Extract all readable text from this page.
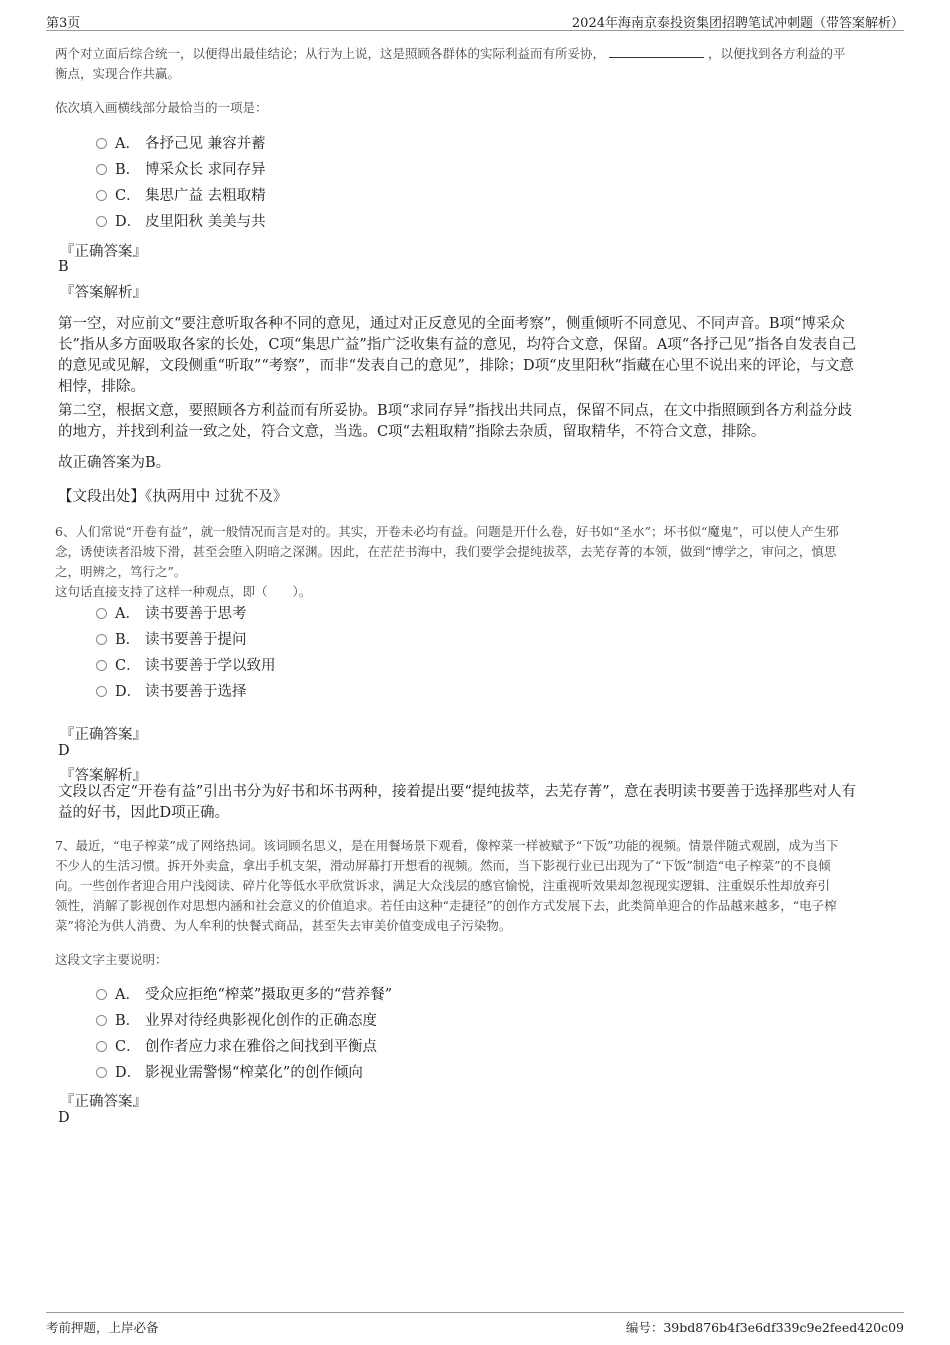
第3页	2024年海南京泰投资集团招聘笔试冲刺题（带答案解析）
两个对立面后综合统一，以便得出最佳结论；从行为上说，这是照顾各群体的实际利益而有所妥协，	，以便找到各方利益的平
衡点，实现合作共赢。
依次填入画横线部分最恰当的一项是：
A． 各抒己见 兼容并蓄
B． 博采众长 求同存异
C． 集思广益 去粗取精
D． 皮里阳秋 美美与共
『正确答案』
B
『答案解析』
第一空，对应前文“要注意听取各种不同的意见，通过对正反意见的全面考察”，侧重倾听不同意见、不同声音。B项“博采众
长”指从多方面吸取各家的长处，C项“集思广益”指广泛收集有益的意见，均符合文意，保留。A项“各抒己见”指各自发表自己
的意见或见解，文段侧重“听取”“考察”，而非“发表自己的意见”，排除；D项“皮里阳秋”指藏在心里不说出来的评论，与文意
相悖，排除。
第二空，根据文意，要照顾各方利益而有所妥协。B项“求同存异”指找出共同点，保留不同点，在文中指照顾到各方利益分歧
的地方，并找到利益一致之处，符合文意，当选。C项“去粗取精”指除去杂质，留取精华，不符合文意，排除。
故正确答案为B。
【文段出处】《执两用中 过犹不及》
6、人们常说“开卷有益”，就一般情况而言是对的。其实，开卷未必均有益。问题是开什么卷，好书如“圣水”；坏书似“魔鬼”，可以使人产生邪
念，诱使读者沿坡下滑，甚至会堕入阴暗之深渊。因此，在茫茫书海中，我们要学会提纯拔萃，去芜存菁的本领，做到“博学之，审问之，慎思
之，明辨之，笃行之”。
这句话直接支持了这样一种观点，即（　　）。
A． 读书要善于思考
B． 读书要善于提问
C． 读书要善于学以致用
D． 读书要善于选择
『正确答案』
D
『答案解析』
文段以否定“开卷有益”引出书分为好书和坏书两种，接着提出要“提纯拔萃，去芜存菁”，意在表明读书要善于选择那些对人有
益的好书，因此D项正确。
7、最近，“电子榨菜”成了网络热词。该词顾名思义，是在用餐场景下观看，像榨菜一样被赋予“下饭”功能的视频。情景伴随式观剧，成为当下
不少人的生活习惯。拆开外卖盒，拿出手机支架，滑动屏幕打开想看的视频。然而，当下影视行业已出现为了“下饭”制造“电子榨菜”的不良倾
向。一些创作者迎合用户浅阅读、碎片化等低水平欣赏诉求，满足大众浅层的感官愉悦，注重视听效果却忽视现实逻辑、注重娱乐性却放弃引
领性，消解了影视创作对思想内涵和社会意义的价值追求。若任由这种“走捷径”的创作方式发展下去，此类简单迎合的作品越来越多，“电子榨
菜”将沦为供人消费、为人牟利的快餐式商品，甚至失去审美价值变成电子污染物。
这段文字主要说明：
A． 受众应拒绝“榨菜”摄取更多的“营养餐”
B． 业界对待经典影视化创作的正确态度
C． 创作者应力求在雅俗之间找到平衡点
D． 影视业需警惕“榨菜化”的创作倾向
『正确答案』
D
考前押题，上岸必备	编号：39bd876b4f3e6df339c9e2feed420c09
